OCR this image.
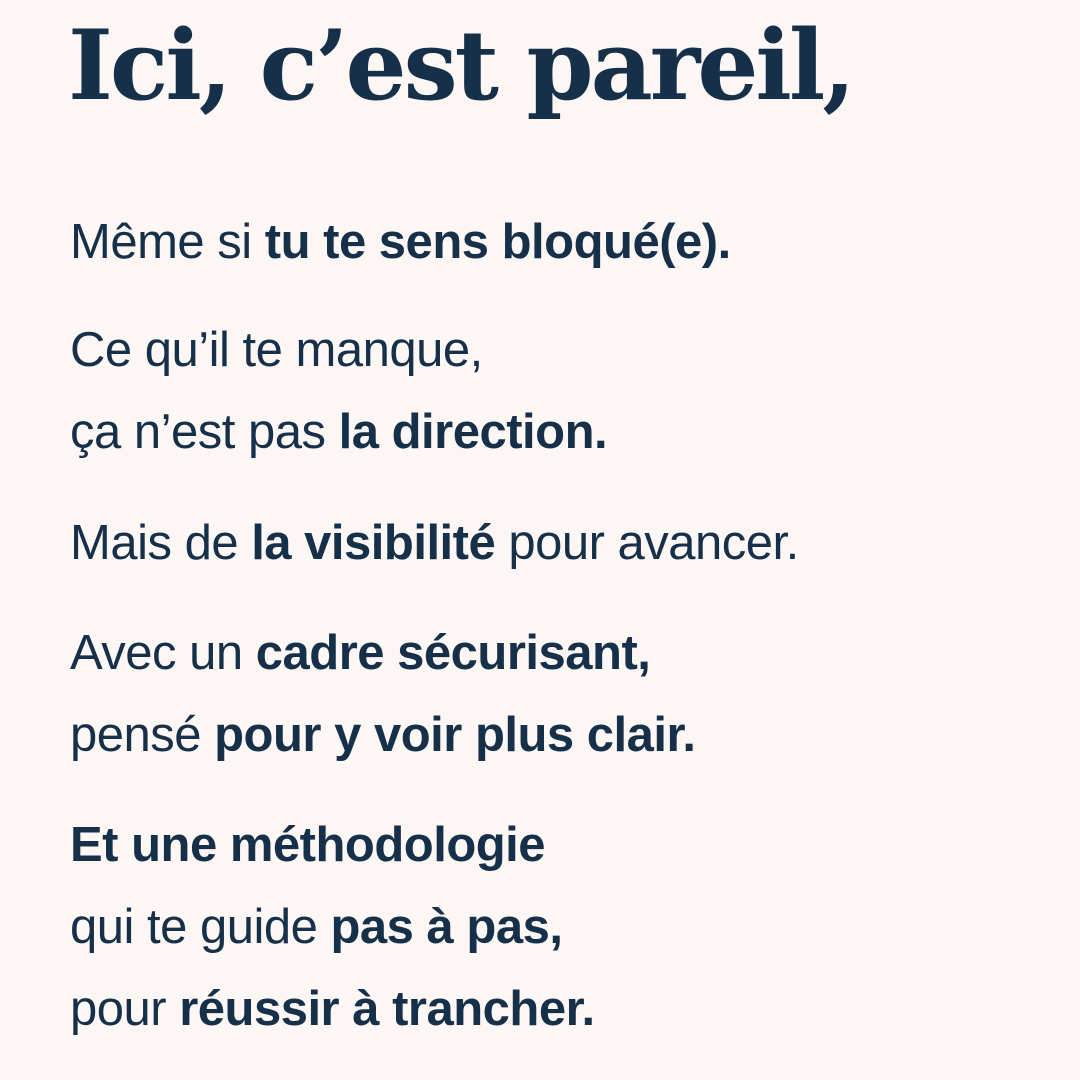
Ici, c’est pareil,

Même si tu te sens bloqué(e).

Ce qu’il te manque,
ça n’est pas la direction.

Mais de la visibilité pour avancer.

Avec un cadre sécurisant,
pensé pour y voir plus clair.

Et une méthodologie
qui te guide pas à pas,
pour réussir à trancher.
